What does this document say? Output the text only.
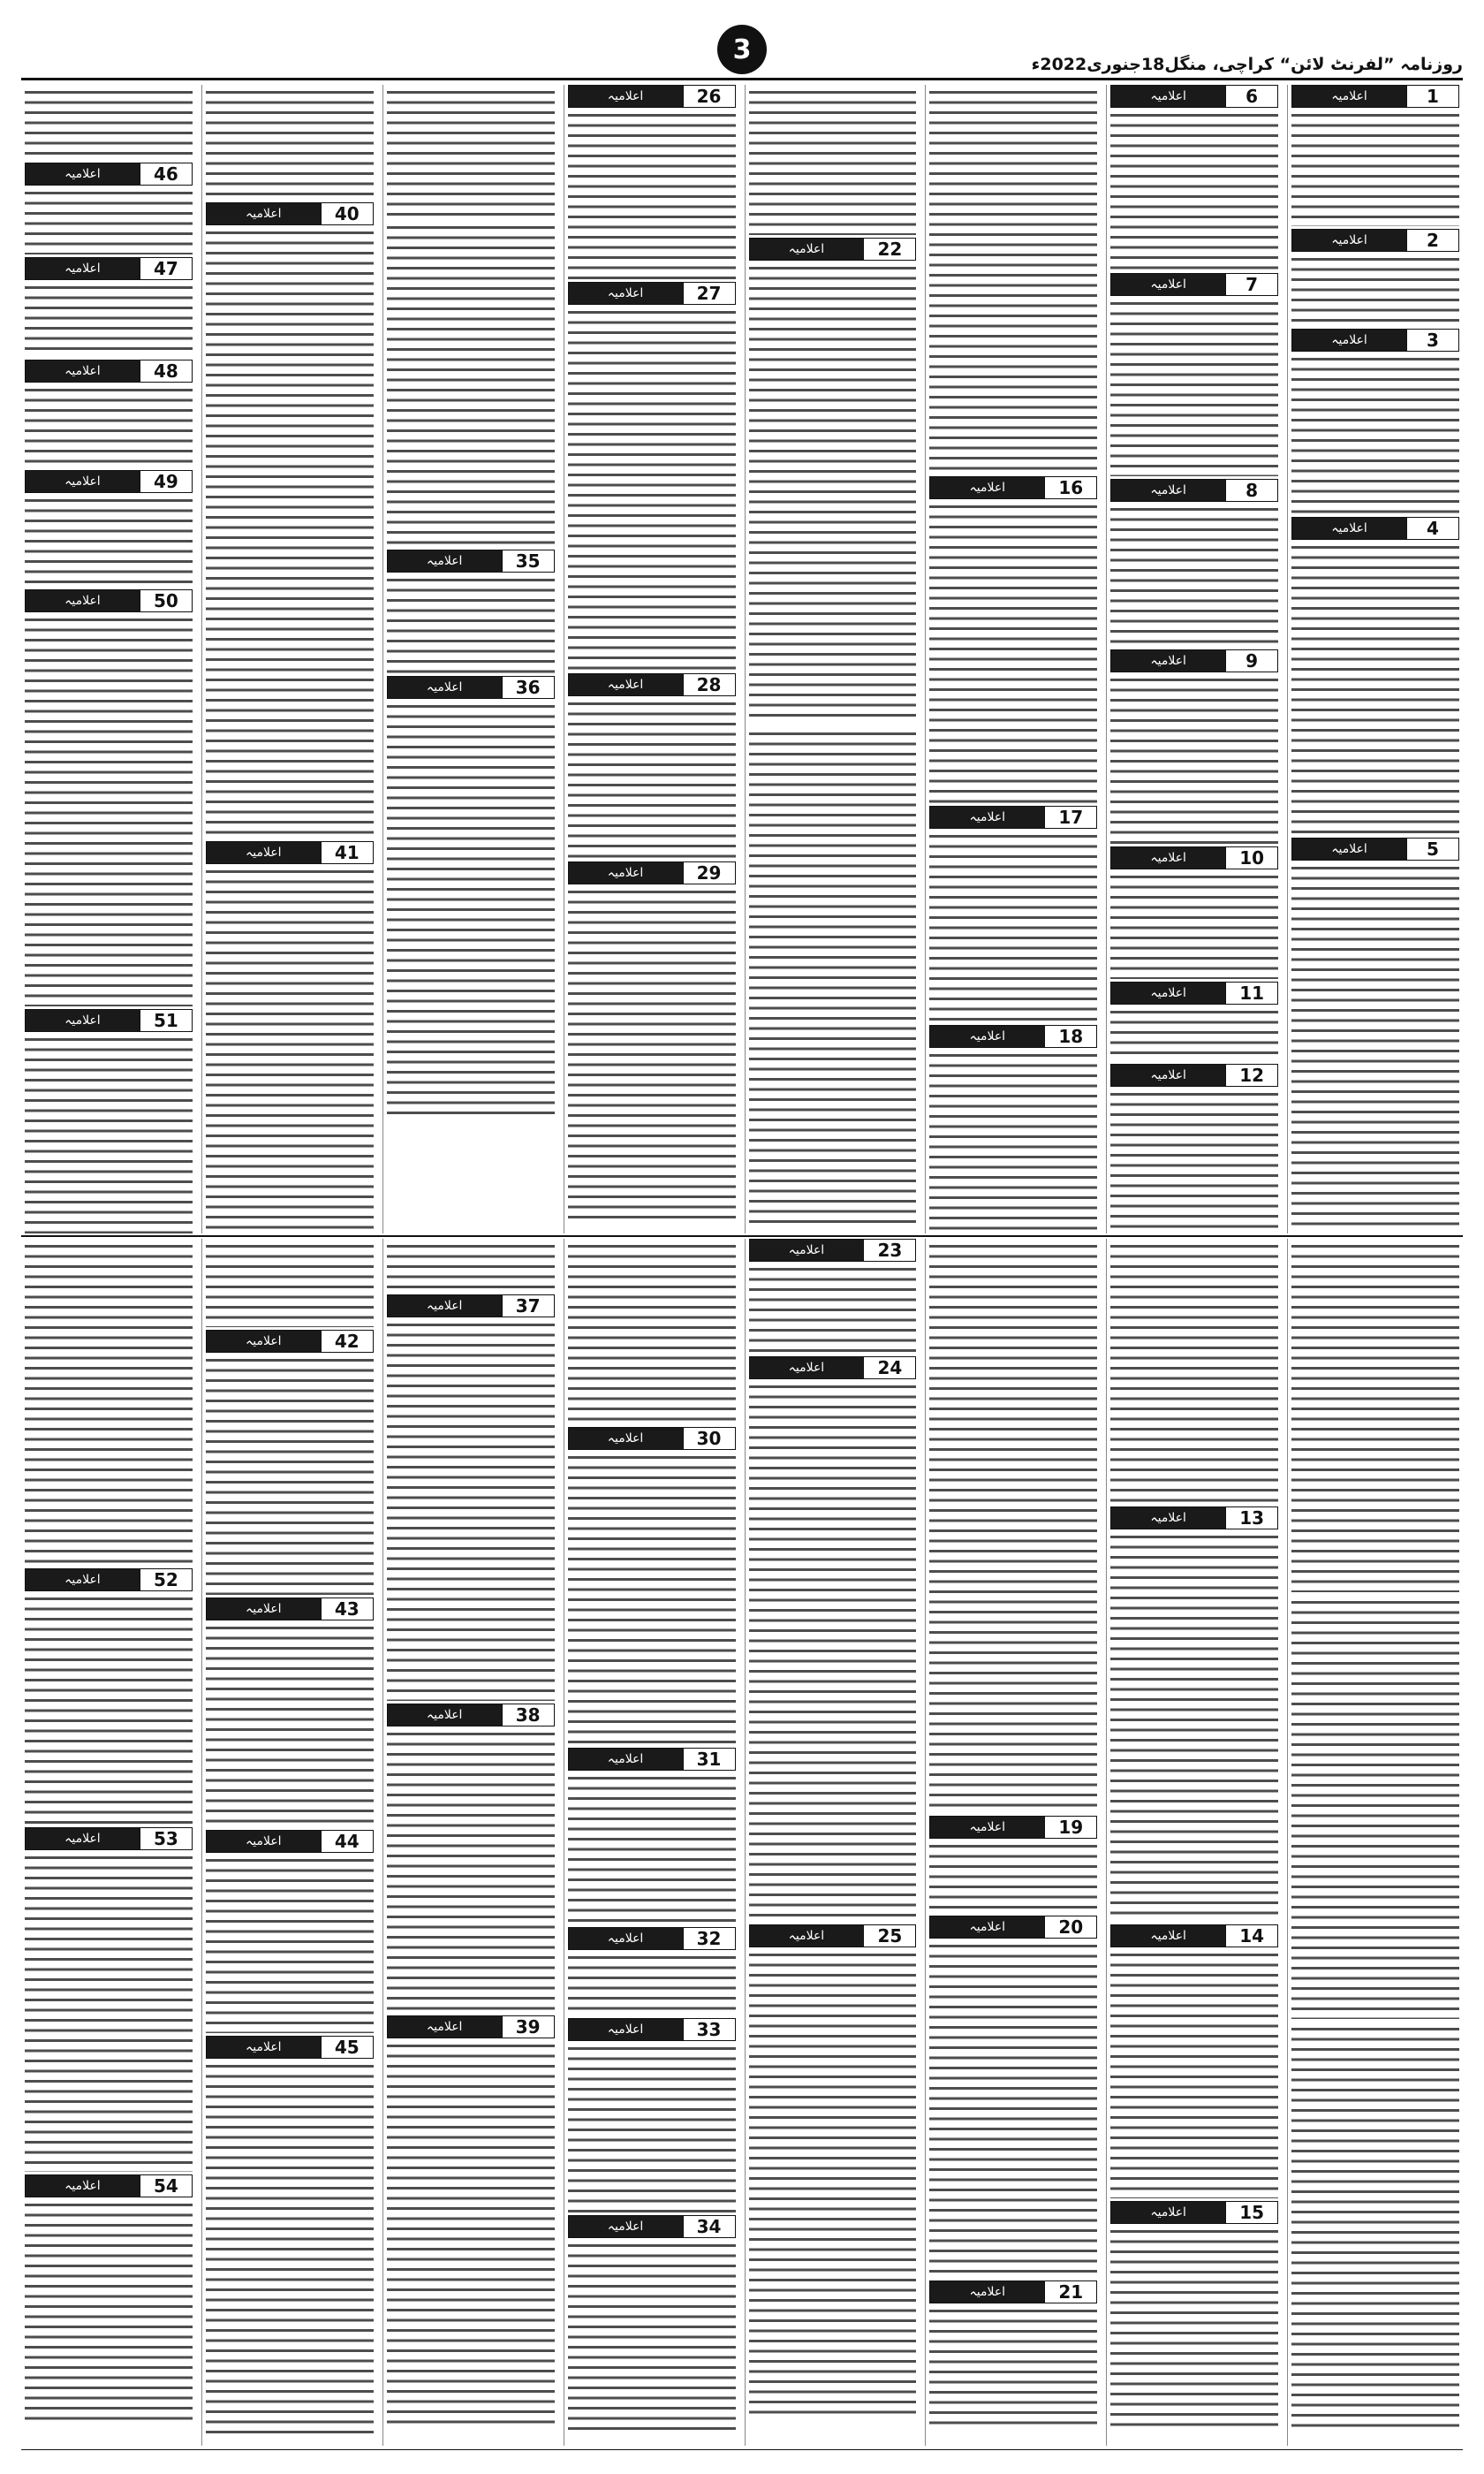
3	روزنامہ ”لفرنٹ لائن“ کراچی، منگل18جنوری2022ء
1
اعلامیہ
2
اعلامیہ
3
اعلامیہ
4
اعلامیہ
5
اعلامیہ
6
اعلامیہ
7
اعلامیہ
8
اعلامیہ
9
اعلامیہ
10
اعلامیہ
11
اعلامیہ
12
اعلامیہ
16
اعلامیہ
17
اعلامیہ
18
اعلامیہ
22
اعلامیہ
26
اعلامیہ
27
اعلامیہ
28
اعلامیہ
29
اعلامیہ
35
اعلامیہ
36
اعلامیہ
40
اعلامیہ
41
اعلامیہ
46
اعلامیہ
47
اعلامیہ
48
اعلامیہ
49
اعلامیہ
50
اعلامیہ
51
اعلامیہ
13
اعلامیہ
14
اعلامیہ
15
اعلامیہ
19
اعلامیہ
20
اعلامیہ
21
اعلامیہ
23
اعلامیہ
24
اعلامیہ
25
اعلامیہ
30
اعلامیہ
31
اعلامیہ
32
اعلامیہ
33
اعلامیہ
34
اعلامیہ
37
اعلامیہ
38
اعلامیہ
39
اعلامیہ
42
اعلامیہ
43
اعلامیہ
44
اعلامیہ
45
اعلامیہ
52
اعلامیہ
53
اعلامیہ
54
اعلامیہ
